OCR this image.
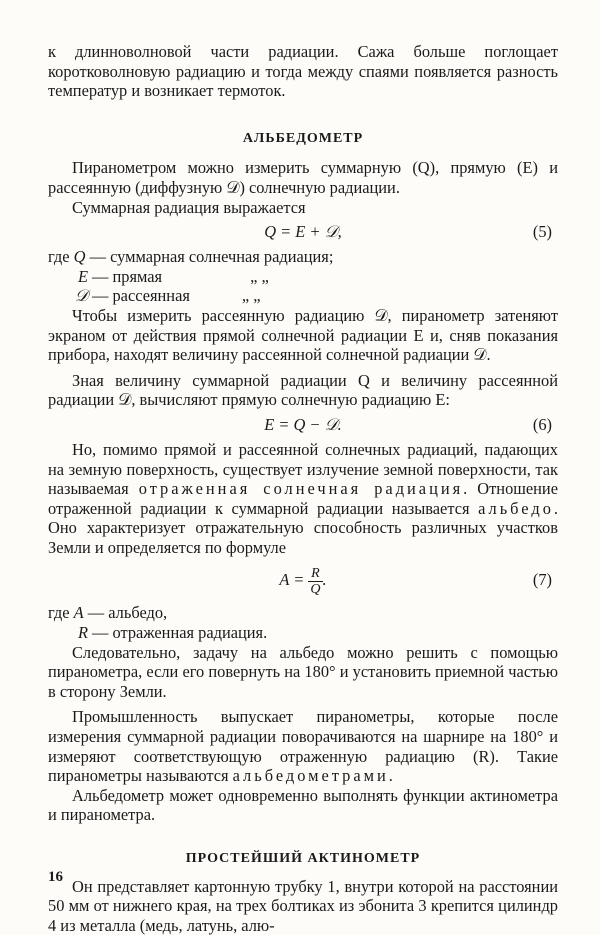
к длинноволновой части радиации. Сажа больше поглощает коротковолновую радиацию и тогда между спаями появляется разность температур и возникает термоток.

АЛЬБЕДОМЕТР

Пиранометром можно измерить суммарную (Q), прямую (E) и рассеянную (диффузную 𝒟) солнечную радиации.

Суммарная радиация выражается

Q = E + 𝒟,	(5)
где
Q
— суммарная солнечная радиация;
E — прямая	„ „
𝒟 — рассеянная	„ „

Чтобы измерить рассеянную радиацию 𝒟, пиранометр затеняют экраном от действия прямой солнечной радиации E и, сняв показания прибора, находят величину рассеянной солнечной радиации 𝒟.

Зная величину суммарной радиации Q и величину рассеянной радиации 𝒟, вычисляют прямую солнечную радиацию E:

E = Q − 𝒟.	(6)

Но, помимо прямой и рассеянной солнечных радиаций, падающих на земную поверхность, существует излучение земной поверхности, так называемая отраженная солнечная радиация. Отношение отраженной радиации к суммарной радиации называется альбедо. Оно характеризует отражательную способность различных участков Земли и определяется по формуле

$A = \frac{R}{Q}$ .	(7)
где
A
— альбедо,
R — отраженная радиация.

Следовательно, задачу на альбедо можно решить с помощью пиранометра, если его повернуть на 180° и установить приемной частью в сторону Земли.

Промышленность выпускает пиранометры, которые после измерения суммарной радиации поворачиваются на шарнире на 180° и измеряют соответствующую отраженную радиацию (R). Такие пиранометры называются альбедометрами.

Альбедометр может одновременно выполнять функции актинометра и пиранометра.

ПРОСТЕЙШИЙ АКТИНОМЕТР

Он представляет картонную трубку 1, внутри которой на расстоянии 50 мм от нижнего края, на трех болтиках из эбонита 3 крепится цилиндр 4 из металла (медь, латунь, алю-

16
